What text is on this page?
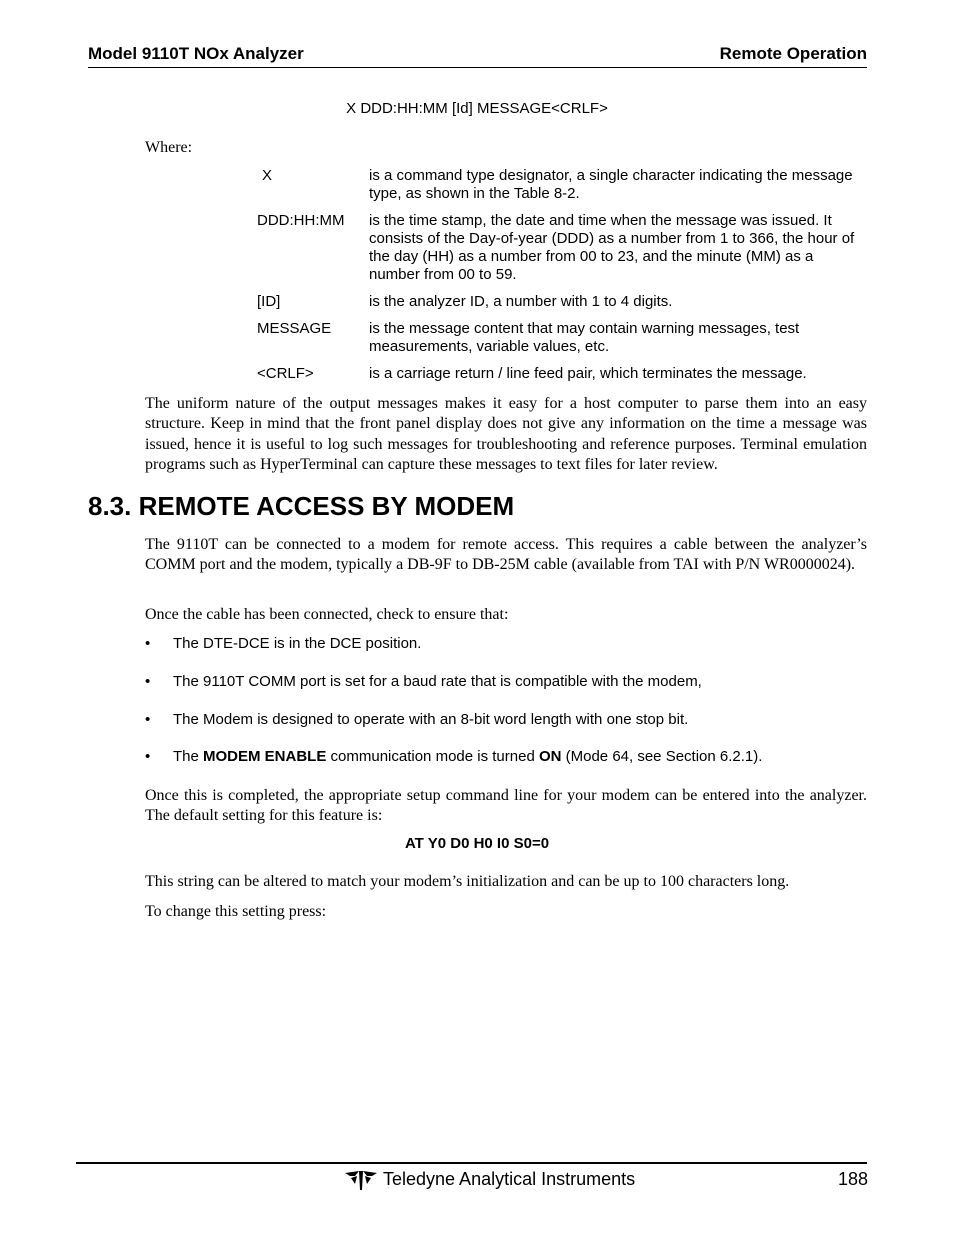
Model 9110T NOx Analyzer	Remote Operation
X DDD:HH:MM [Id] MESSAGE<CRLF>
Where:
X	is a command type designator, a single character indicating the message type, as shown in the Table 8-2.
DDD:HH:MM	is the time stamp, the date and time when the message was issued. It consists of the Day-of-year (DDD) as a number from 1 to 366, the hour of the day (HH) as a number from 00 to 23, and the minute (MM) as a number from 00 to 59.
[ID]	is the analyzer ID, a number with 1 to 4 digits.
MESSAGE	is the message content that may contain warning messages, test measurements, variable values, etc.
<CRLF>	is a carriage return / line feed pair, which terminates the message.
The uniform nature of the output messages makes it easy for a host computer to parse them into an easy structure. Keep in mind that the front panel display does not give any information on the time a message was issued, hence it is useful to log such messages for troubleshooting and reference purposes. Terminal emulation programs such as HyperTerminal can capture these messages to text files for later review.
8.3. REMOTE ACCESS BY MODEM
The 9110T can be connected to a modem for remote access. This requires a cable between the analyzer’s COMM port and the modem, typically a DB-9F to DB-25M cable (available from TAI with P/N WR0000024).
Once the cable has been connected, check to ensure that:
• The DTE-DCE is in the DCE position.
• The 9110T COMM port is set for a baud rate that is compatible with the modem,
• The Modem is designed to operate with an 8-bit word length with one stop bit.
• The MODEM ENABLE communication mode is turned ON (Mode 64, see Section 6.2.1).
Once this is completed, the appropriate setup command line for your modem can be entered into the analyzer. The default setting for this feature is:
AT Y0 D0 H0 I0 S0=0
This string can be altered to match your modem’s initialization and can be up to 100 characters long.
To change this setting press:
Teledyne Analytical Instruments	188
